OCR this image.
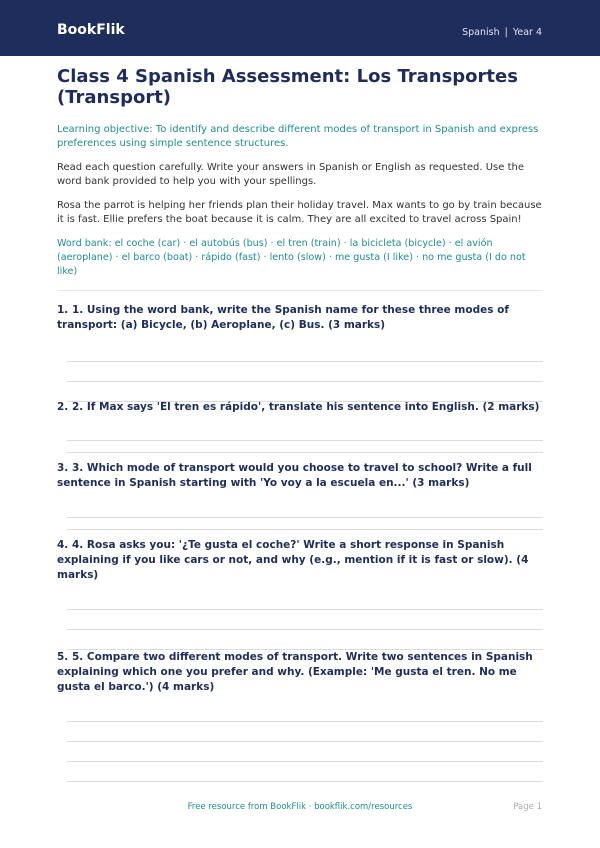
BookFlik	Spanish | Year 4
Class 4 Spanish Assessment: Los Transportes (Transport)

Learning objective: To identify and describe different modes of transport in Spanish and express preferences using simple sentence structures.

Read each question carefully. Write your answers in Spanish or English as requested. Use the word bank provided to help you with your spellings.

Rosa the parrot is helping her friends plan their holiday travel. Max wants to go by train because it is fast. Ellie prefers the boat because it is calm. They are all excited to travel across Spain!

Word bank: el coche (car) · el autobús (bus) · el tren (train) · la bicicleta (bicycle) · el avión (aeroplane) · el barco (boat) · rápido (fast) · lento (slow) · me gusta (I like) · no me gusta (I do not like)

1. 1. Using the word bank, write the Spanish name for these three modes of transport: (a) Bicycle, (b) Aeroplane, (c) Bus. (3 marks)

2. 2. If Max says 'El tren es rápido', translate his sentence into English. (2 marks)

3. 3. Which mode of transport would you choose to travel to school? Write a full sentence in Spanish starting with 'Yo voy a la escuela en...' (3 marks)

4. 4. Rosa asks you: '¿Te gusta el coche?' Write a short response in Spanish explaining if you like cars or not, and why (e.g., mention if it is fast or slow). (4 marks)

5. 5. Compare two different modes of transport. Write two sentences in Spanish explaining which one you prefer and why. (Example: 'Me gusta el tren. No me gusta el barco.') (4 marks)

Free resource from BookFlik · bookflik.com/resources	Page 1
